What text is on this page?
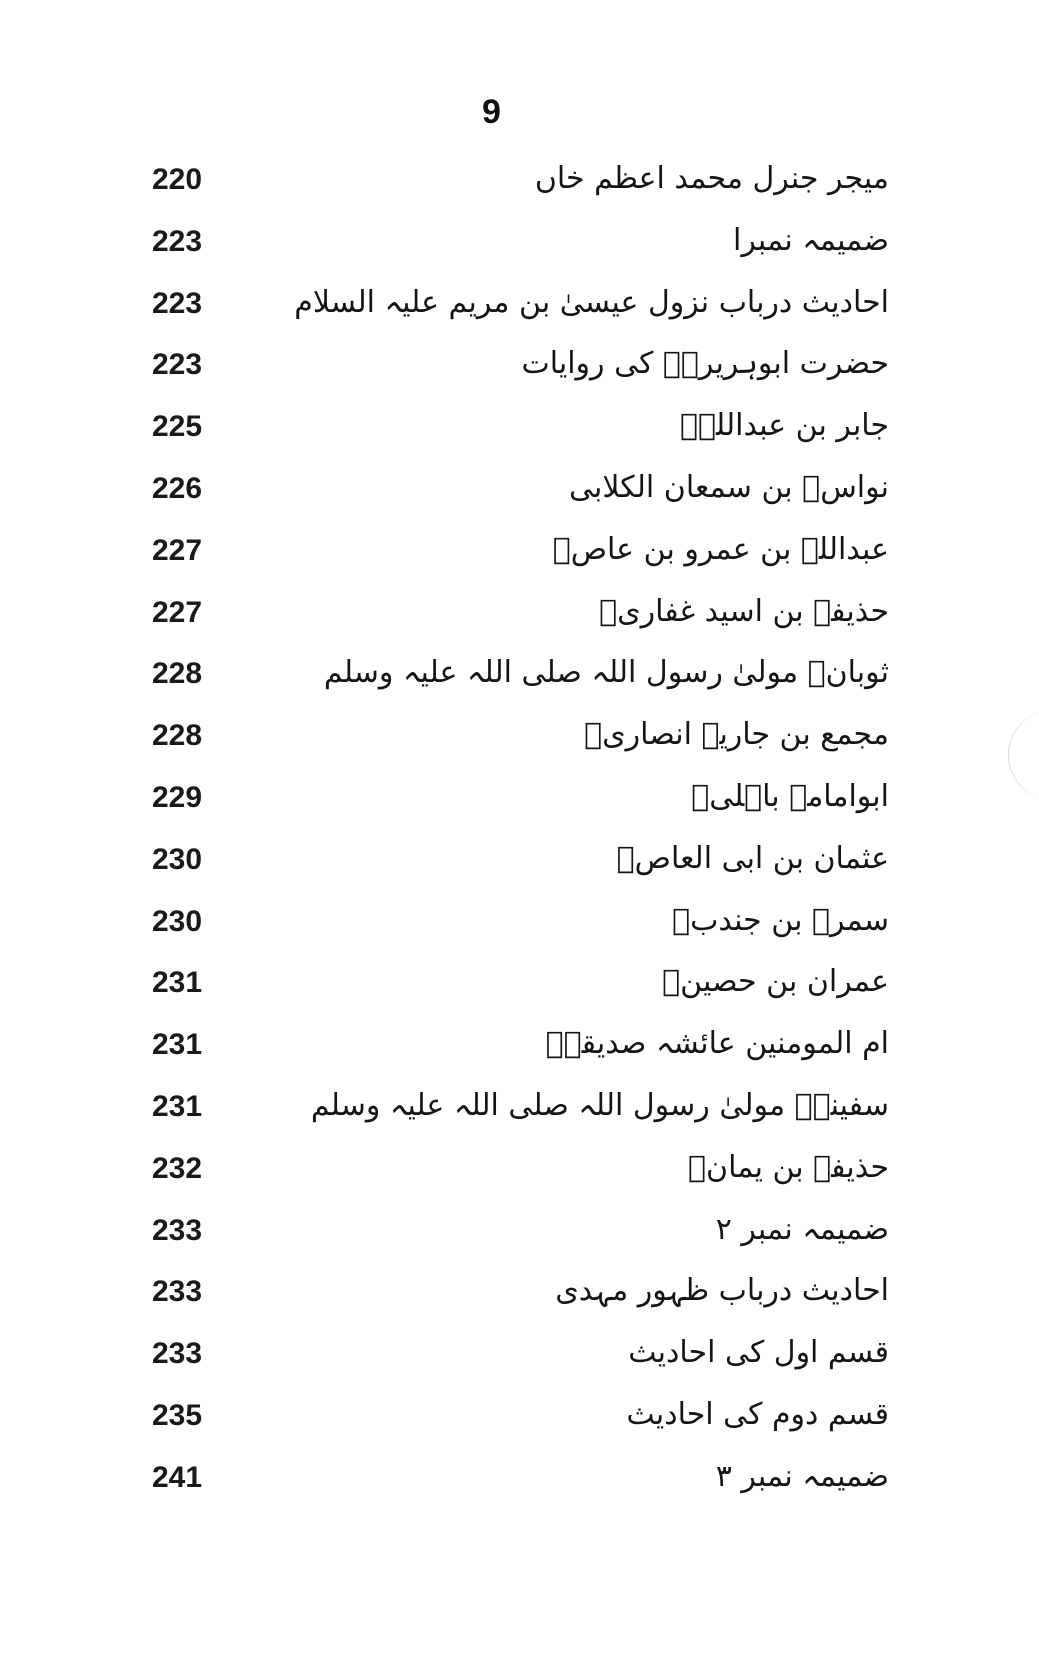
9
میجر جنرل محمد اعظم خاں
220
ضمیمہ نمبرا
223
احادیث درباب نزول عیسیٰ بن مریم علیہ السلام
223
حضرت ابوہریرہؓ کی روایات
223
جابر بن عبداللہؓ
225
نواسؓ بن سمعان الکلابی
226
عبداللہ بن عمرو بن عاصؓ
227
حذیفہ بن اسید غفاریؓ
227
ثوبانؓ مولیٰ رسول اللہ صلی اللہ علیہ وسلم
228
مجمع بن جاریہ انصاریؓ
228
ابوامامہ باہلیؓ
229
عثمان بن ابی العاصؓ
230
سمرہ بن جندبؓ
230
عمران بن حصینؓ
231
ام المومنین عائشہ صدیقہؓ
231
سفینہؓ مولیٰ رسول اللہ صلی اللہ علیہ وسلم
231
حذیفہ بن یمانؓ
232
ضمیمہ نمبر ۲
233
احادیث درباب ظہور مہدی
233
قسم اول کی احادیث
233
قسم دوم کی احادیث
235
ضمیمہ نمبر ۳
241
